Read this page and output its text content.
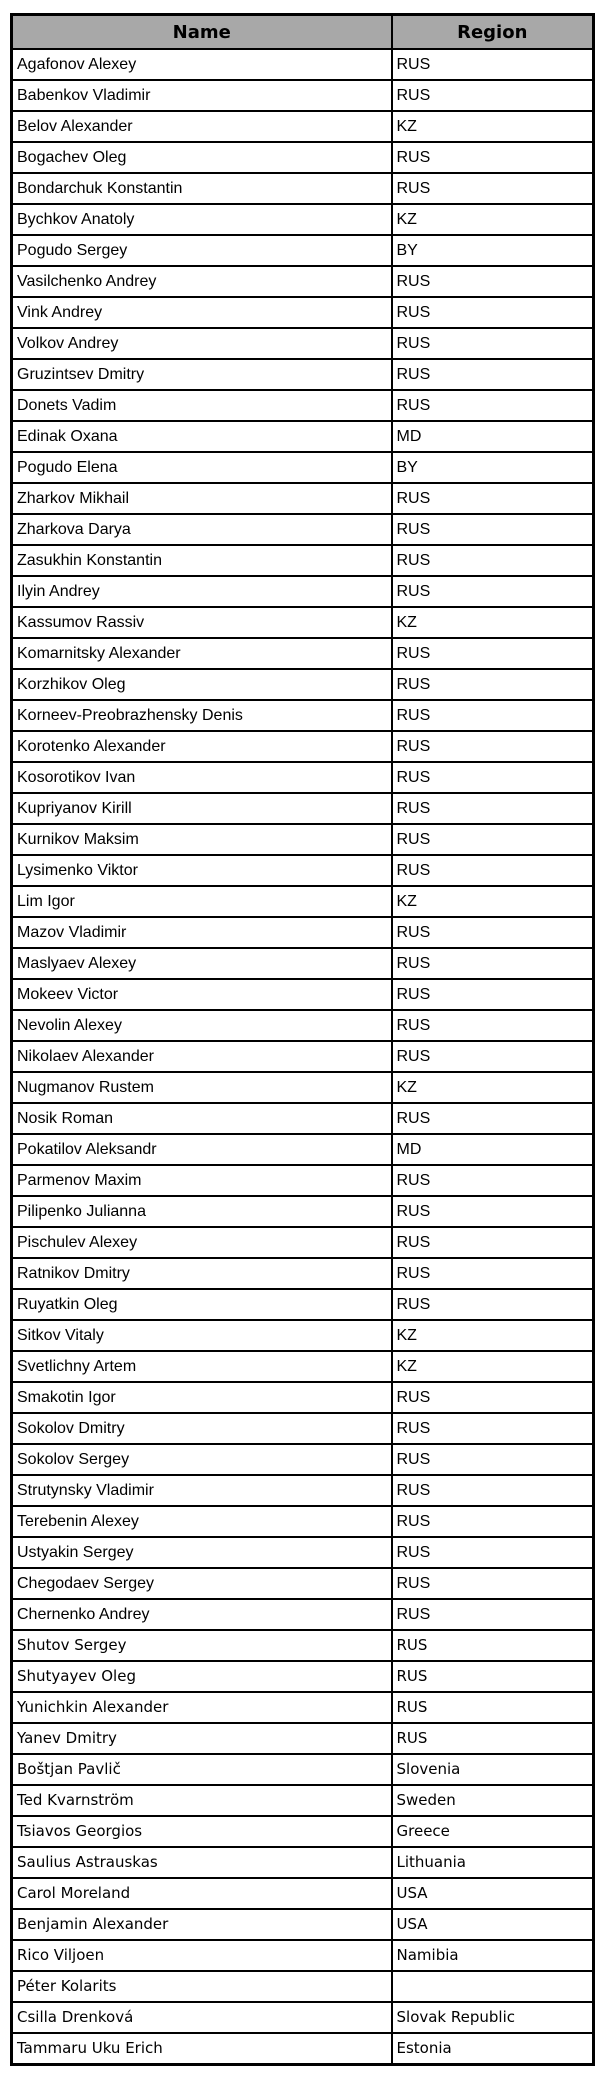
Name	Region
Agafonov Alexey	RUS
Babenkov Vladimir	RUS
Belov Alexander	KZ
Bogachev Oleg	RUS
Bondarchuk Konstantin	RUS
Bychkov Anatoly	KZ
Pogudo Sergey	BY
Vasilchenko Andrey	RUS
Vink Andrey	RUS
Volkov Andrey	RUS
Gruzintsev Dmitry	RUS
Donets Vadim	RUS
Edinak Oxana	MD
Pogudo Elena	BY
Zharkov Mikhail	RUS
Zharkova Darya	RUS
Zasukhin Konstantin	RUS
Ilyin Andrey	RUS
Kassumov Rassiv	KZ
Komarnitsky Alexander	RUS
Korzhikov Oleg	RUS
Korneev-Preobrazhensky Denis	RUS
Korotenko Alexander	RUS
Kosorotikov Ivan	RUS
Kupriyanov Kirill	RUS
Kurnikov Maksim	RUS
Lysimenko Viktor	RUS
Lim Igor	KZ
Mazov Vladimir	RUS
Maslyaev Alexey	RUS
Mokeev Victor	RUS
Nevolin Alexey	RUS
Nikolaev Alexander	RUS
Nugmanov Rustem	KZ
Nosik Roman	RUS
Pokatilov Aleksandr	MD
Parmenov Maxim	RUS
Pilipenko Julianna	RUS
Pischulev Alexey	RUS
Ratnikov Dmitry	RUS
Ruyatkin Oleg	RUS
Sitkov Vitaly	KZ
Svetlichny Artem	KZ
Smakotin Igor	RUS
Sokolov Dmitry	RUS
Sokolov Sergey	RUS
Strutynsky Vladimir	RUS
Terebenin Alexey	RUS
Ustyakin Sergey	RUS
Chegodaev Sergey	RUS
Chernenko Andrey	RUS
Shutov Sergey	RUS
Shutyayev Oleg	RUS
Yunichkin Alexander	RUS
Yanev Dmitry	RUS
Boštjan Pavlič	Slovenia
Ted Kvarnström	Sweden
Tsiavos Georgios	Greece
Saulius Astrauskas	Lithuania
Carol Moreland	USA
Benjamin Alexander	USA
Rico Viljoen	Namibia
Péter Kolarits	
Csilla Drenková	Slovak Republic
Tammaru Uku Erich	Estonia
